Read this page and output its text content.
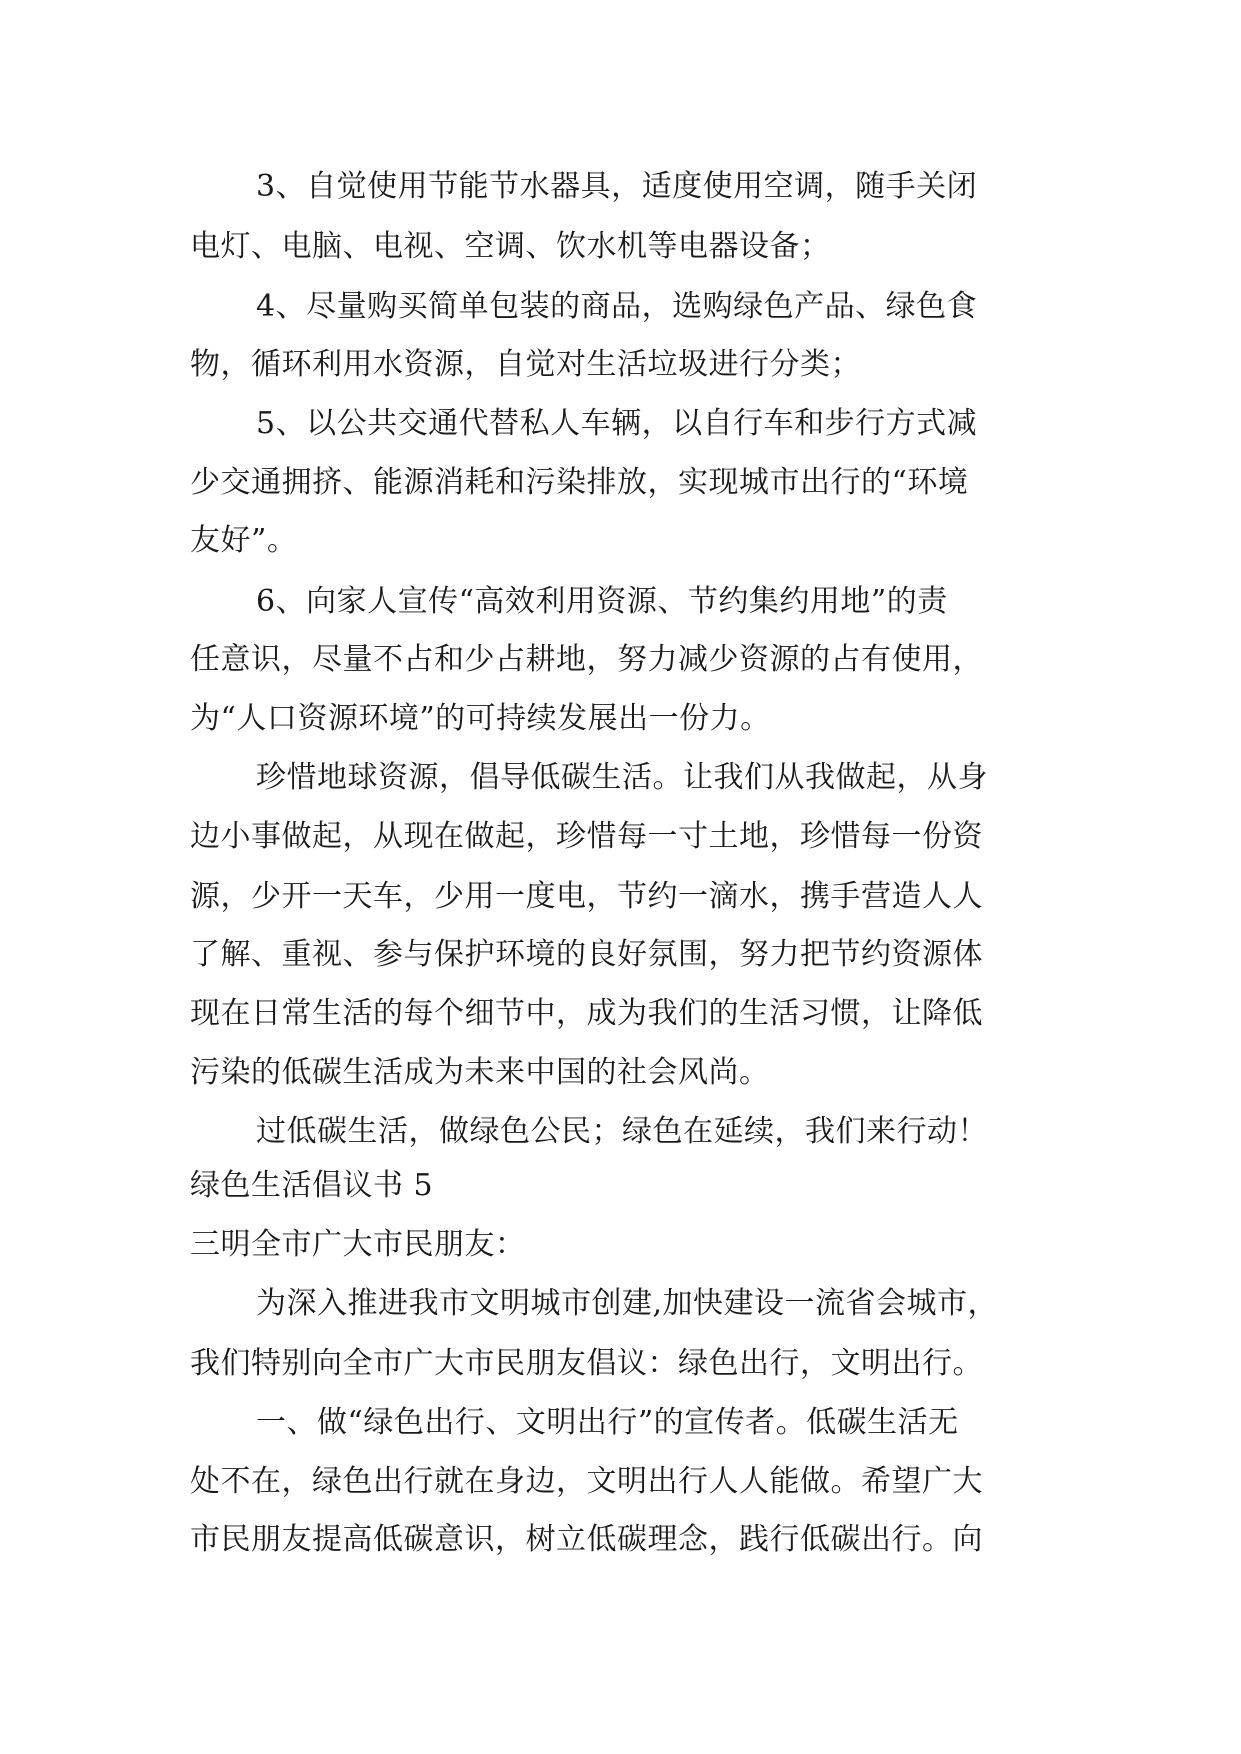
3、自觉使用节能节水器具，适度使用空调，随手关闭
电灯、电脑、电视、空调、饮水机等电器设备；
4、尽量购买简单包装的商品，选购绿色产品、绿色食
物，循环利用水资源，自觉对生活垃圾进行分类；
5、以公共交通代替私人车辆，以自行车和步行方式减
少交通拥挤、能源消耗和污染排放，实现城市出行的“环境
友好”。
6、向家人宣传“高效利用资源、节约集约用地”的责
任意识，尽量不占和少占耕地，努力减少资源的占有使用，
为“人口资源环境”的可持续发展出一份力。
珍惜地球资源，倡导低碳生活。让我们从我做起，从身
边小事做起，从现在做起，珍惜每一寸土地，珍惜每一份资
源，少开一天车，少用一度电，节约一滴水，携手营造人人
了解、重视、参与保护环境的良好氛围，努力把节约资源体
现在日常生活的每个细节中，成为我们的生活习惯，让降低
污染的低碳生活成为未来中国的社会风尚。
过低碳生活，做绿色公民；绿色在延续，我们来行动！
绿色生活倡议书 5
三明全市广大市民朋友：
为深入推进我市文明城市创建,加快建设一流省会城市，
我们特别向全市广大市民朋友倡议：绿色出行，文明出行。
一、做“绿色出行、文明出行”的宣传者。低碳生活无
处不在，绿色出行就在身边，文明出行人人能做。希望广大
市民朋友提高低碳意识，树立低碳理念，践行低碳出行。向
